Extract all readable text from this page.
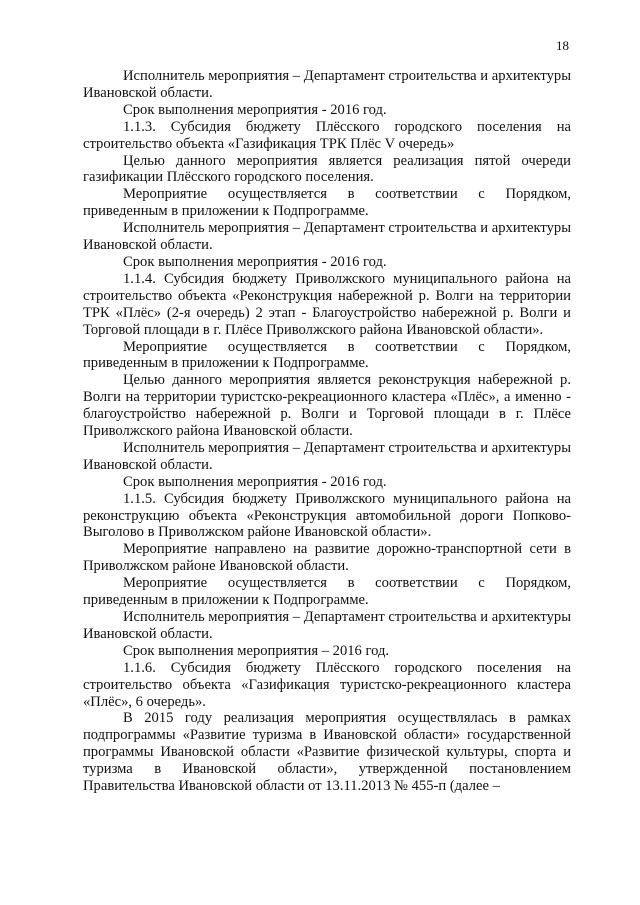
18

Исполнитель мероприятия – Департамент строительства и архитектуры Ивановской области.

Срок выполнения мероприятия - 2016 год.

1.1.3. Субсидия бюджету Плёсского городского поселения на строительство объекта «Газификация ТРК Плёс V очередь»

Целью данного мероприятия является реализация пятой очереди газификации Плёсского городского поселения.

Мероприятие осуществляется в соответствии с Порядком, приведенным в приложении к Подпрограмме.

Исполнитель мероприятия – Департамент строительства и архитектуры Ивановской области.

Срок выполнения мероприятия - 2016 год.

1.1.4. Субсидия бюджету Приволжского муниципального района на строительство объекта «Реконструкция набережной р. Волги на территории ТРК «Плёс» (2-я очередь) 2 этап - Благоустройство набережной р. Волги и Торговой площади в г. Плёсе Приволжского района Ивановской области».

Мероприятие осуществляется в соответствии с Порядком, приведенным в приложении к Подпрограмме.

Целью данного мероприятия является реконструкция набережной р. Волги на территории туристско-рекреационного кластера «Плёс», а именно - благоустройство набережной р. Волги и Торговой площади в г. Плёсе Приволжского района Ивановской области.

Исполнитель мероприятия – Департамент строительства и архитектуры Ивановской области.

Срок выполнения мероприятия - 2016 год.

1.1.5. Субсидия бюджету Приволжского муниципального района на реконструкцию объекта «Реконструкция автомобильной дороги Попково-Выголово в Приволжском районе Ивановской области».

Мероприятие направлено на развитие дорожно-транспортной сети в Приволжском районе Ивановской области.

Мероприятие осуществляется в соответствии с Порядком, приведенным в приложении к Подпрограмме.

Исполнитель мероприятия – Департамент строительства и архитектуры Ивановской области.

Срок выполнения мероприятия – 2016 год.

1.1.6. Субсидия бюджету Плёсского городского поселения на строительство объекта «Газификация туристско-рекреационного кластера «Плёс», 6 очередь».

В 2015 году реализация мероприятия осуществлялась в рамках подпрограммы «Развитие туризма в Ивановской области» государственной программы Ивановской области «Развитие физической культуры, спорта и туризма в Ивановской области», утвержденной постановлением Правительства Ивановской области от 13.11.2013 № 455-п (далее –
